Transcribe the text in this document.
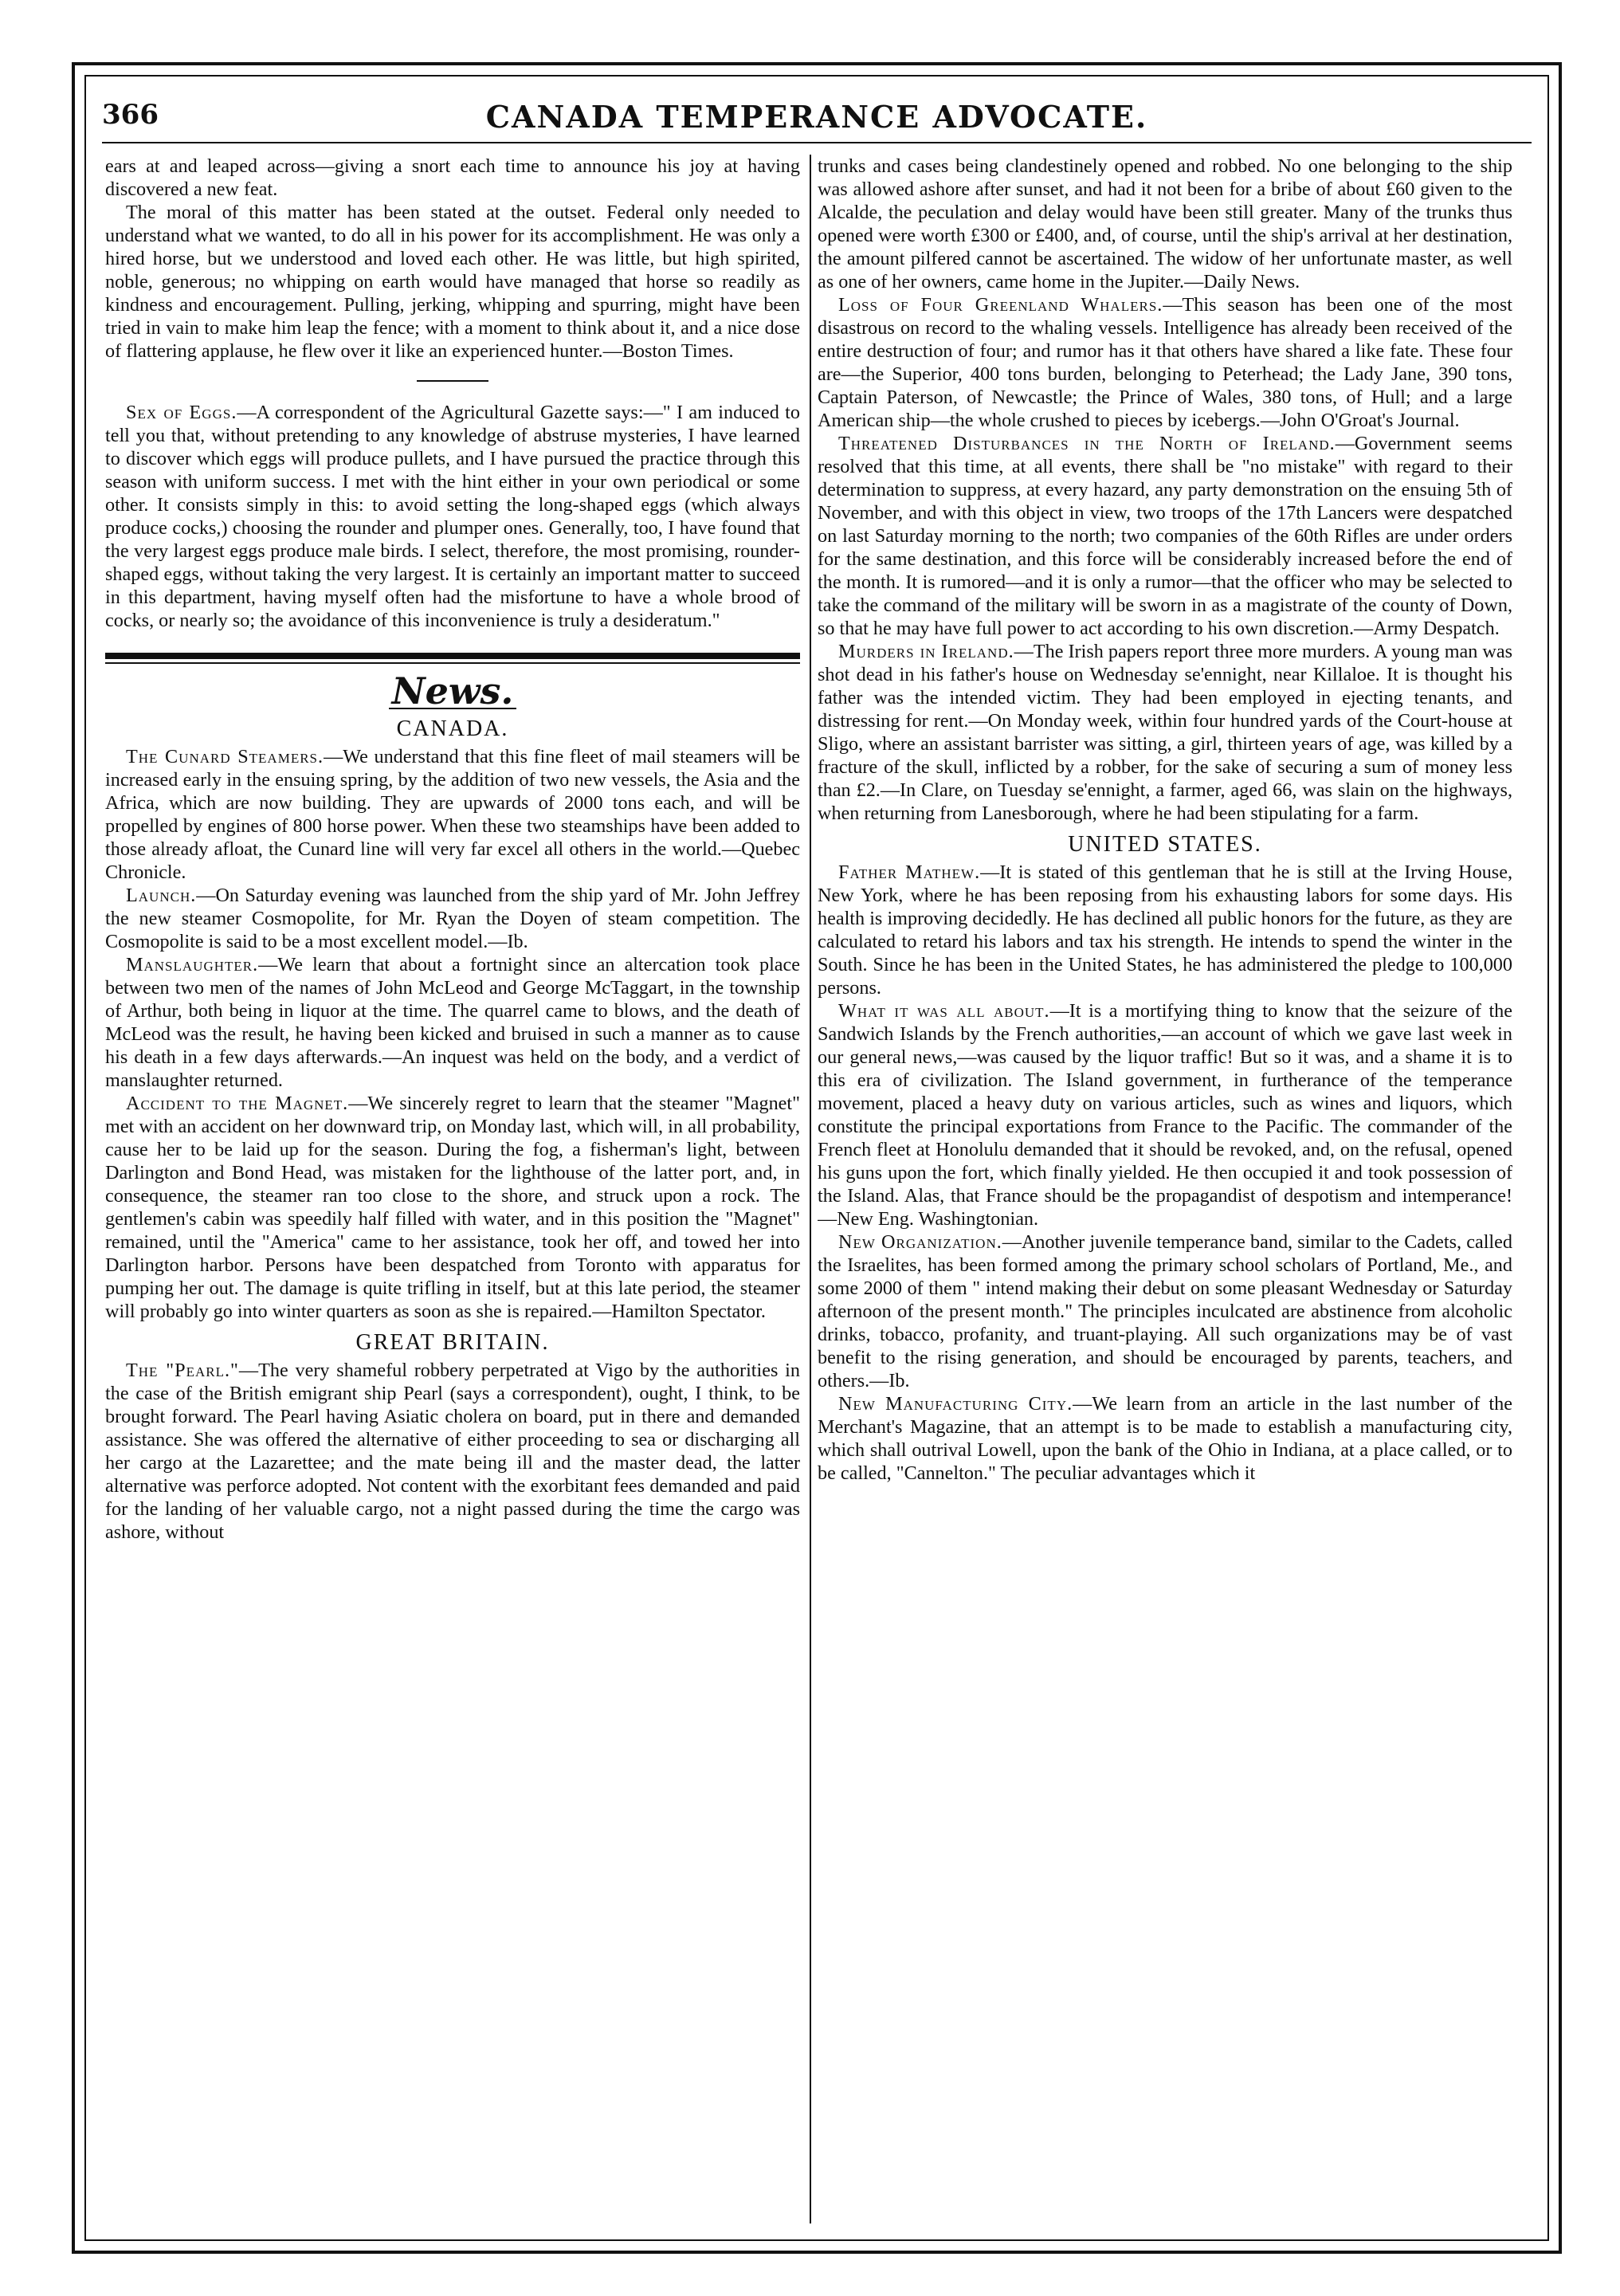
366	CANADA TEMPERANCE ADVOCATE.

ears at and leaped across—giving a snort each time to announce his joy at having discovered a new feat.

The moral of this matter has been stated at the outset. Federal only needed to understand what we wanted, to do all in his power for its accomplishment. He was only a hired horse, but we understood and loved each other. He was little, but high spirited, noble, generous; no whipping on earth would have managed that horse so readily as kindness and encouragement. Pulling, jerking, whipping and spurring, might have been tried in vain to make him leap the fence; with a moment to think about it, and a nice dose of flattering applause, he flew over it like an experienced hunter.—Boston Times.

Sex of Eggs.—A correspondent of the Agricultural Gazette says:—" I am induced to tell you that, without pretending to any knowledge of abstruse mysteries, I have learned to discover which eggs will produce pullets, and I have pursued the practice through this season with uniform success. I met with the hint either in your own periodical or some other. It consists simply in this: to avoid setting the long-shaped eggs (which always produce cocks,) choosing the rounder and plumper ones. Generally, too, I have found that the very largest eggs produce male birds. I select, therefore, the most promising, rounder-shaped eggs, without taking the very largest. It is certainly an important matter to succeed in this department, having myself often had the misfortune to have a whole brood of cocks, or nearly so; the avoidance of this inconvenience is truly a desideratum."

News.
CANADA.

The Cunard Steamers.—We understand that this fine fleet of mail steamers will be increased early in the ensuing spring, by the addition of two new vessels, the Asia and the Africa, which are now building. They are upwards of 2000 tons each, and will be propelled by engines of 800 horse power. When these two steamships have been added to those already afloat, the Cunard line will very far excel all others in the world.—Quebec Chronicle.

Launch.—On Saturday evening was launched from the ship yard of Mr. John Jeffrey the new steamer Cosmopolite, for Mr. Ryan the Doyen of steam competition. The Cosmopolite is said to be a most excellent model.—Ib.

Manslaughter.—We learn that about a fortnight since an altercation took place between two men of the names of John McLeod and George McTaggart, in the township of Arthur, both being in liquor at the time. The quarrel came to blows, and the death of McLeod was the result, he having been kicked and bruised in such a manner as to cause his death in a few days afterwards.—An inquest was held on the body, and a verdict of manslaughter returned.

Accident to the Magnet.—We sincerely regret to learn that the steamer "Magnet" met with an accident on her downward trip, on Monday last, which will, in all probability, cause her to be laid up for the season. During the fog, a fisherman's light, between Darlington and Bond Head, was mistaken for the lighthouse of the latter port, and, in consequence, the steamer ran too close to the shore, and struck upon a rock. The gentlemen's cabin was speedily half filled with water, and in this position the "Magnet" remained, until the "America" came to her assistance, took her off, and towed her into Darlington harbor. Persons have been despatched from Toronto with apparatus for pumping her out. The damage is quite trifling in itself, but at this late period, the steamer will probably go into winter quarters as soon as she is repaired.—Hamilton Spectator.

GREAT BRITAIN.

The "Pearl."—The very shameful robbery perpetrated at Vigo by the authorities in the case of the British emigrant ship Pearl (says a correspondent), ought, I think, to be brought forward. The Pearl having Asiatic cholera on board, put in there and demanded assistance. She was offered the alternative of either proceeding to sea or discharging all her cargo at the Lazarettee; and the mate being ill and the master dead, the latter alternative was perforce adopted. Not content with the exorbitant fees demanded and paid for the landing of her valuable cargo, not a night passed during the time the cargo was ashore, without

trunks and cases being clandestinely opened and robbed. No one belonging to the ship was allowed ashore after sunset, and had it not been for a bribe of about £60 given to the Alcalde, the peculation and delay would have been still greater. Many of the trunks thus opened were worth £300 or £400, and, of course, until the ship's arrival at her destination, the amount pilfered cannot be ascertained. The widow of her unfortunate master, as well as one of her owners, came home in the Jupiter.—Daily News.

Loss of Four Greenland Whalers.—This season has been one of the most disastrous on record to the whaling vessels. Intelligence has already been received of the entire destruction of four; and rumor has it that others have shared a like fate. These four are—the Superior, 400 tons burden, belonging to Peterhead; the Lady Jane, 390 tons, Captain Paterson, of Newcastle; the Prince of Wales, 380 tons, of Hull; and a large American ship—the whole crushed to pieces by icebergs.—John O'Groat's Journal.

Threatened Disturbances in the North of Ireland.—Government seems resolved that this time, at all events, there shall be "no mistake" with regard to their determination to suppress, at every hazard, any party demonstration on the ensuing 5th of November, and with this object in view, two troops of the 17th Lancers were despatched on last Saturday morning to the north; two companies of the 60th Rifles are under orders for the same destination, and this force will be considerably increased before the end of the month. It is rumored—and it is only a rumor—that the officer who may be selected to take the command of the military will be sworn in as a magistrate of the county of Down, so that he may have full power to act according to his own discretion.—Army Despatch.

Murders in Ireland.—The Irish papers report three more murders. A young man was shot dead in his father's house on Wednesday se'ennight, near Killaloe. It is thought his father was the intended victim. They had been employed in ejecting tenants, and distressing for rent.—On Monday week, within four hundred yards of the Court-house at Sligo, where an assistant barrister was sitting, a girl, thirteen years of age, was killed by a fracture of the skull, inflicted by a robber, for the sake of securing a sum of money less than £2.—In Clare, on Tuesday se'ennight, a farmer, aged 66, was slain on the highways, when returning from Lanesborough, where he had been stipulating for a farm.

UNITED STATES.

Father Mathew.—It is stated of this gentleman that he is still at the Irving House, New York, where he has been reposing from his exhausting labors for some days. His health is improving decidedly. He has declined all public honors for the future, as they are calculated to retard his labors and tax his strength. He intends to spend the winter in the South. Since he has been in the United States, he has administered the pledge to 100,000 persons.

What it was all about.—It is a mortifying thing to know that the seizure of the Sandwich Islands by the French authorities,—an account of which we gave last week in our general news,—was caused by the liquor traffic! But so it was, and a shame it is to this era of civilization. The Island government, in furtherance of the temperance movement, placed a heavy duty on various articles, such as wines and liquors, which constitute the principal exportations from France to the Pacific. The commander of the French fleet at Honolulu demanded that it should be revoked, and, on the refusal, opened his guns upon the fort, which finally yielded. He then occupied it and took possession of the Island. Alas, that France should be the propagandist of despotism and intemperance!—New Eng. Washingtonian.

New Organization.—Another juvenile temperance band, similar to the Cadets, called the Israelites, has been formed among the primary school scholars of Portland, Me., and some 2000 of them " intend making their debut on some pleasant Wednesday or Saturday afternoon of the present month." The principles inculcated are abstinence from alcoholic drinks, tobacco, profanity, and truant-playing. All such organizations may be of vast benefit to the rising generation, and should be encouraged by parents, teachers, and others.—Ib.

New Manufacturing City.—We learn from an article in the last number of the Merchant's Magazine, that an attempt is to be made to establish a manufacturing city, which shall outrival Lowell, upon the bank of the Ohio in Indiana, at a place called, or to be called, "Cannelton." The peculiar advantages which it
